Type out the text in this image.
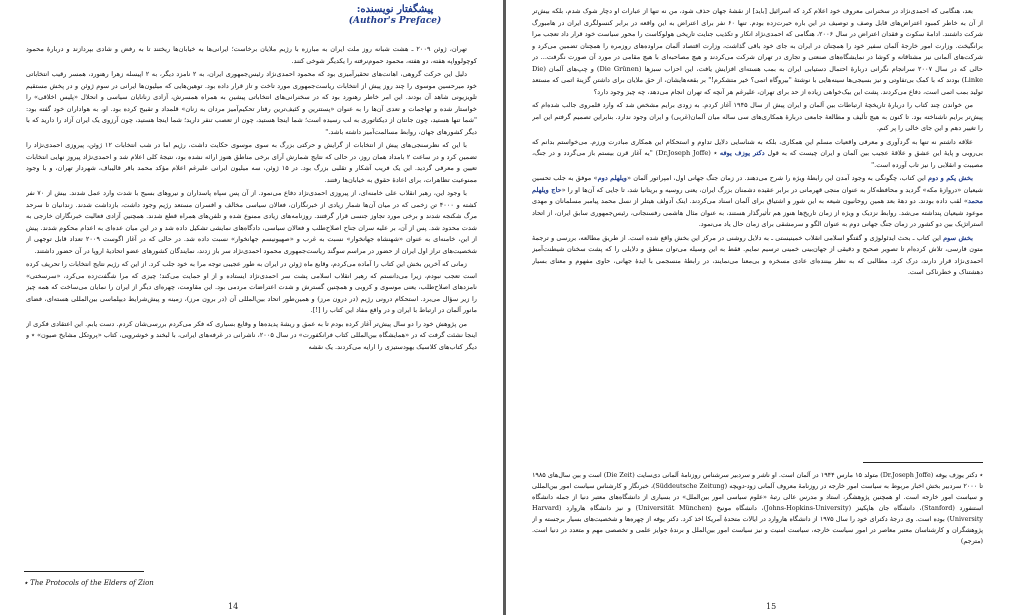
پیشگفتار نویسنده:
(Author's Preface)

تهران، ژوئن ۲۰۰۹ ـ هشت شبانه روز ملت ایران به مبارزه با رژیم ملایان برخاست؛ ایرانی‌ها به خیابان‌ها ریختند تا به رفض و شادی بپردازند و دربارهٔ محمود کوچولوواپه هفته، دو هفته، محمود حموم‌نرفته را یکدیگر شوخی کنند.

دلیل این حرکت گروهی، اهانت‌های تحقیرآمیزی بود که محمود احمدی‌نژاد رئیس‌جمهوری ایران، به ۲ نامزد دیگر، به ۲ اپیسله زهرا رهنورد، همسر رقیب انتخاباتی خود میرحسین موسوی را چند روز پیش از انتخابات ریاست‌جمهوری مورد تاخت و تاز قرار داده بود. توهین‌هایی که میلیون‌ها ایرانی در سوم ژوئن و در پخش مستقیم تلویزیونی شاهد آن بودند. این امر خاطر رهنورد بود که در سخنرانی‌های انتخاباتی پیشین به همراه همسرش، آزادی زنانایان سیاسی و انحلال «پلیس اخلاقی» را خواستار شده و تهاجمات و تعدی آن‌ها را به عنوان «پستترین و کثیف‌ترین رفتار تحکیم‌آمیز مردان به زنان» قلمداد و تقبیح کرده بود. او، به هواداران خود گفته بود: "شما تنها هستید، چون جانتان از دیکتاتوری به لب رسیده است؛ شما اینجا هستید، چون از تعصب تنفر دارید؛ شما اینجا هستید، چون آرزوی یک ایران آزاد را دارید که با دیگر کشورهای جهان، روابط مسالمت‌آمیز داشته باشد."

با این که نظرسنجی‌های پیش از انتخابات از گرایش و حرکتی بزرگ به سوی موسوی حکایت داشت، رژیم اما در شب انتخابات ۱۲ ژوئن، پیروزی احمدی‌نژاد را تضمین کرد و در ساعت ۲ بامداد همان روز، در حالی که نتایج شمارش آرای برخی مناطق هنوز ارائه نشده بود، نتیجهٔ کلی اعلام شد و احمدی‌نژاد پیروز نهایی انتخابات تعیین و معرفی گردید. این یک فریب آشکار و تقلبی بزرگ بود. در ۱۵ ژوئن، سه میلیون ایرانی علیرغم اعلام مؤکد محمد باقر قالیباف، شهردار تهران، و با وجود ممنوعیت تظاهرات، برای اعادهٔ حقوق به خیابان‌ها رفتند.

با وجود این، رهبر انقلاب علی خامنه‌ای، از پیروزی احمدی‌نژاد دفاع می‌نمود. از آن پس سپاه پاسداران و نیروهای بسیج با شدت وارد عمل شدند. بیش از ۷۰ نفر کشته و ۴۰۰۰ تن زخمی که در میان آن‌ها شمار زیادی از خبرنگاران، فعالان سیاسی مخالف و افسران مستعد رژیم وجود داشت، بازداشت شدند. زندانیان تا سرحد مرگ شکنجه شدند و برخی مورد تجاوز جنسی قرار گرفتند. روزنامه‌های زیادی ممنوع شده و تلفن‌های همراه قطع شدند. همچنین آزادی فعالیت خبرنگاران خارجی به شدت محدود شد. پس از آن، بر علیه سران جناح اصلاح‌طلب و فعالان سیاسی، دادگاه‌های نمایشی تشکیل داده شد و در این میان عده‌ای به اعدام محکوم شدند. پیش از این، خامنه‌ای به عنوان «شهنشاه جهانخوار» نسبت به غرب و «صهیونیسم جهانخوار» نسبت داده شد. در حالی که در آغاز اگوست ۲۰۰۹ تعداد قابل توجهی از شخصیت‌های تراز اول ایران از حضور در مراسم سوگند ریاست‌جمهوری محمود احمدی‌نژاد سر باز زدند، نمایندگان کشورهای عضو اتحادیهٔ اروپا در آن حضور داشتند.

زمانی که آخرین بخش این کتاب را آماده می‌کردم، وقایع ماه ژوئن در ایران به طور عجیبی توجه مرا به خود جلب کرد. از این که رژیم نتایج انتخابات را تحریف کرده است تعجب نبودم، زیرا می‌دانستم که رهبر انقلاب اسلامی پشت سر احمدی‌نژاد ایستاده و از او حمایت می‌کند؛ چیزی که مرا شگفت‌زده می‌کرد، «سرسختی» نامزدهای اصلاح‌طلب، یعنی موسوی و کروبی و همچنین گسترش و شدت اعتراضات مردمی بود. این مقاومت، چهره‌ای دیگر از ایران را نمایان می‌ساخت که همه چیز را زیر سؤال می‌برد. استحکام درونی رژیم (در درون مرز) و همین‌طور اتحاد بین‌المللی آن (در برون مرز)، زمینه و پیش‌شرایط دیپلماسی بین‌المللی هسته‌ای، فضای مانور آلمان در ارتباط با ایران و در واقع مفاد این کتاب را [!].

من پژوهش خود را دو سال پیش‌تر آغاز کرده بودم تا به عمق و ریشهٔ پدیده‌ها و وقایع بسیاری که فکر می‌کردم بررسی‌شان کردم. دست یابم. این اعتقادی فکری از اینجا نشئت گرفت که در «همایشگاه بین‌المللی کتاب فرانکفورت» در سال ۲۰۰۵، ناشرانی در غرفه‌های ایرانی، با لبخند و خوشرویی، کتاب «پروتکل مشایخ صیون» ٭ و دیگر کتاب‌های کلاسیک یهودستیزی را ارایه می‌کردند. یک نقشه

٭ The Protocols of the Elders of Zion
14

بعد، هنگامی که احمدی‌نژاد در سخنرانی معروف خود اعلام کرد که اسرائیل [باید] از نقشهٔ جهان حذف شود، من نه تنها از عبارات او دچار شوک شدم، بلکه بیش‌تر از آن به خاطر کمبود اعتراض‌های قابل وصف و توصیف در این باره حیرت‌زده بودم. تنها ۶۰ نفر برای اعتراض به این واقعه در برابر کنسولگری ایران در هامبورگ شرکت داشتند. ادامهٔ سکوت و فقدان اعتراض در سال ۲۰۰۶، هنگامی که احمدی‌نژاد انکار و تکذیب جنایت تاریخی هولوکاست را محور سیاست خود قرار داد تعجب مرا برانگیخت. وزارت امور خارجهٔ آلمان سفیر خود را همچنان در ایران به جای خود باقی گذاشت، وزارت اقتصاد آلمان مراوده‌های روزمره را همچنان تضمین می‌کرد و شرکت‌های آلمانی نیز مشتاقانه و کوشا در نمایشگاه‌های صنعتی و تجاری در تهران شرکت می‌کردند و هیچ مصاحبه‌ای با هیچ مقامی در مورد آن صورت نگرفت... در حالی که در سال ۲۰۰۷ سرانجام نگرانی دربارهٔ احتمال دستیابی ایران به بمب هسته‌ای افزایش یافت، این احزاب سبزها (Die Grünen) و چپ‌های آلمان (Die Linke) بودند که با کمک بی‌تفاوتی و نیز بسیجی‌ها سینه‌هایی با نوشتهٔ "بیروگاه اتمی؟ خیر متشکرم!" بر بقعه‌هایشان، از حق ملایان برای داشتن گزینهٔ اتمی که مستعد تولید بمب اتمی است، دفاع می‌کردند. پشت این بیک‌خواهی زیاده از حد برای تهران، علیرغم هر آنچه که تهران انجام می‌دهد، چه چیز وجود دارد؟

من خواندن چند کتاب را دربارهٔ تاریخچهٔ ارتباطات بین آلمان و ایران پیش از سال ۱۹۴۵ آغاز کردم. به زودی برایم مشخص شد که وارد قلمروی جالب شده‌ام که پیش‌تر برایم ناشناخته بود. تا کنون به هیچ تألیف و مطالعهٔ جامعی دربارهٔ همکاری‌های سی ساله میان آلمان(غربی) و ایران وجود ندارد. بنابراین تصمیم گرفتم این امر را تغییر دهم و این جای خالی را پر کنم.

علاقه داشتم نه تنها به گردآوری و معرفی واقعیات مسلم این همکاری، بلکه به شناسایی دلایل تداوم و استحکام این همکاری مبادرت ورزم. می‌خواستم بدانم که بی‌روبی و پایهٔ این عشق و علاقهٔ عجیب بین آلمان و ایران چیست که به قول دکتر یوزف یوفه ٭ (Dr.Joseph Joffe) "یه آغاز قرن بیستم باز می‌گردد و در جنگ، مصیبت و انقلابی را نیز تاب آورده است."

بخش یکم و دوم این کتاب، چگونگی به وجود آمدن این رابطهٔ ویژه را شرح می‌دهند. در زمان جنگ جهانی اول، امپراتور آلمان «ویلهلم دوم» موفق به جلب تحسین شیعیان «دروازهٔ مکه» گردید و محافظه‌کار به عنوان منجی قهرمانی در برابر عقیده دشمنان بزرگ ایران، یعنی روسیه و بریتانیا شد، تا جایی که آن‌ها او را «حاج ویلهلم محمد» لقب داده بودند. دو دههٔ بعد همین روحانیون شیعه به این شور و اشتیاق برای آلمان اسناد می‌کردند. اینک آدولف هیتلر از نسل محمد پیامبر مسلمانان و مهدی موعود شیعیان پنداشته می‌شد. روابط نزدیک و ویژه از زمان تاریخ‌ها هنوز هم تأثیرگذار هستند، به عنوان مثال هاشمی رفسنجانی، رئیس‌جمهوری سابق ایران، از اتحاد استراتژیک بین دو کشور در زمان جنگ جهانی دوم به عنوان الگو و سرمشقی برای زمان حال یاد می‌نمود.

بخش سوم این کتاب ـ بحث ایدئولوژی و گفتگو اسلامی انقلاب خمینیستی ـ به دلایل روشنی در مرکز این بخش واقع شده است. از طریق مطالعه، بررسی و ترجمهٔ متون فارسی، تلاش کرده‌ام تا تصویر صحیح و دقیقی از جهان‌بینی خمینی ترسیم نمایم. فقط به این وسیله می‌توان منطق و دلایلی را که پشت سخنان شیطنت‌آمیز احمدی‌نژاد قرار دارند، درک کرد. مطالبی که به نظر بیننده‌ای عادی مسخره و بی‌معنا می‌نمایند، در رابطهٔ منسجمی با ایدهٔ جهانی، حاوی مفهوم و معنای بسیار دهشتناک و خطرناکی است.

٭ دکتر یوزف یوفه (Dr.Joseph Joffe) متولد ۱۵ مارس ۱۹۴۴ در آلمان است. او ناشر و سردبیر سرشناس روزنامهٔ آلمانی دی‌سایت (Die Zeit) است و بین سال‌های ۱۹۸۵ تا ۲۰۰۰ سردبیر بخش اخبار مربوط به سیاست امور خارجه در روزنامهٔ معروف آلمانی زود-دویچه (Süddeutsche Zeitung)، خبرنگار و کارشناس سیاست امور بین‌المللی و سیاست امور خارجه است. او همچنین پژوهشگر، استاد و مدرس عالی رتبهٔ «علوم سیاسی امور بین‌الملل» در بسیاری از دانشگاه‌های معتبر دنیا از جمله دانشگاه استنفورد (Stanford)، دانشگاه جان هاپکینز (Johns-Hopkins-University)، دانشگاه مونیخ (Universität München) و نیز دانشگاه هاروارد (Harvard University) بوده است. وی درجهٔ دکترای خود را سال ۱۹۷۵ از دانشگاه هاروارد در ایالات متحدهٔ آمریکا اخذ کرد. دکتر یوفه از چهره‌ها و شخصیت‌های بسیار برجسته و از پژوهشگران و کارشناسان معتبر معاصر در امور سیاست خارجه، سیاست امنیت و نیز سیاست امور بین‌الملل و برندهٔ جوایز علمی و تخصصی مهم و متعدد در دنیا است. (مترجم)
15
